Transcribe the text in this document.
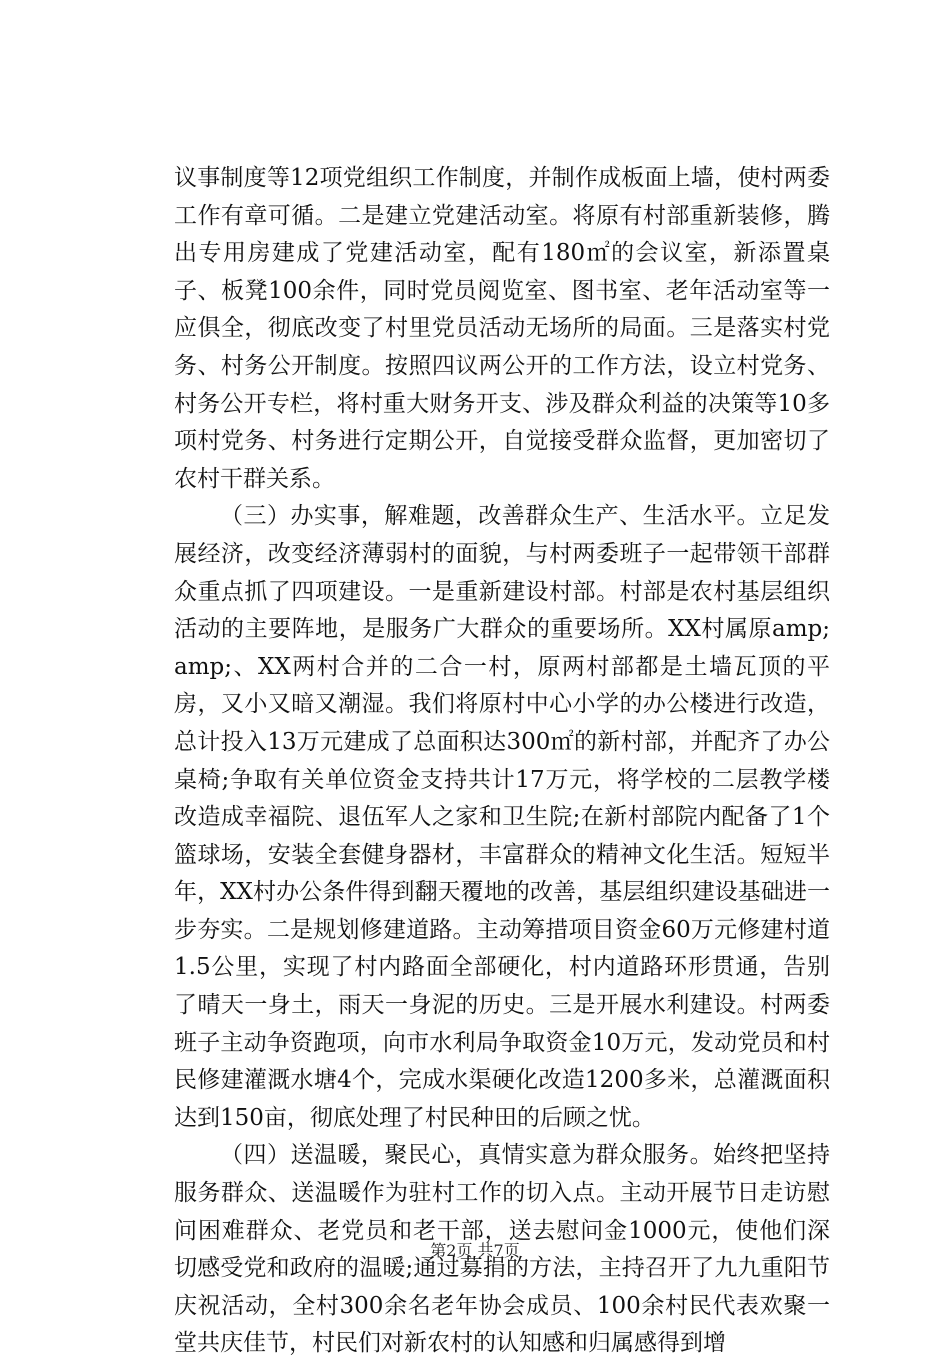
议事制度等12项党组织工作制度，并制作成板面上墙，使村两委工作有章可循。二是建立党建活动室。将原有村部重新装修，腾出专用房建成了党建活动室，配有180㎡的会议室，新添置桌子、板凳100余件，同时党员阅览室、图书室、老年活动室等一应俱全，彻底改变了村里党员活动无场所的局面。三是落实村党务、村务公开制度。按照四议两公开的工作方法，设立村党务、村务公开专栏，将村重大财务开支、涉及群众利益的决策等10多项村党务、村务进行定期公开，自觉接受群众监督，更加密切了农村干群关系。

（三）办实事，解难题，改善群众生产、生活水平。立足发展经济，改变经济薄弱村的面貌，与村两委班子一起带领干部群众重点抓了四项建设。一是重新建设村部。村部是农村基层组织活动的主要阵地，是服务广大群众的重要场所。XX村属原amp;amp;、XX两村合并的二合一村，原两村部都是土墙瓦顶的平房，又小又暗又潮湿。我们将原村中心小学的办公楼进行改造，总计投入13万元建成了总面积达300㎡的新村部，并配齐了办公桌椅;争取有关单位资金支持共计17万元，将学校的二层教学楼改造成幸福院、退伍军人之家和卫生院;在新村部院内配备了1个篮球场，安装全套健身器材，丰富群众的精神文化生活。短短半年，XX村办公条件得到翻天覆地的改善，基层组织建设基础进一步夯实。二是规划修建道路。主动筹措项目资金60万元修建村道1.5公里，实现了村内路面全部硬化，村内道路环形贯通，告别了晴天一身土，雨天一身泥的历史。三是开展水利建设。村两委班子主动争资跑项，向市水利局争取资金10万元，发动党员和村民修建灌溉水塘4个，完成水渠硬化改造1200多米，总灌溉面积达到150亩，彻底处理了村民种田的后顾之忧。

（四）送温暖，聚民心，真情实意为群众服务。始终把坚持服务群众、送温暖作为驻村工作的切入点。主动开展节日走访慰问困难群众、老党员和老干部，送去慰问金1000元，使他们深切感受党和政府的温暖;通过募捐的方法，主持召开了九九重阳节庆祝活动，全村300余名老年协会成员、100余村民代表欢聚一堂共庆佳节，村民们对新农村的认知感和归属感得到增

第2页 共7页
